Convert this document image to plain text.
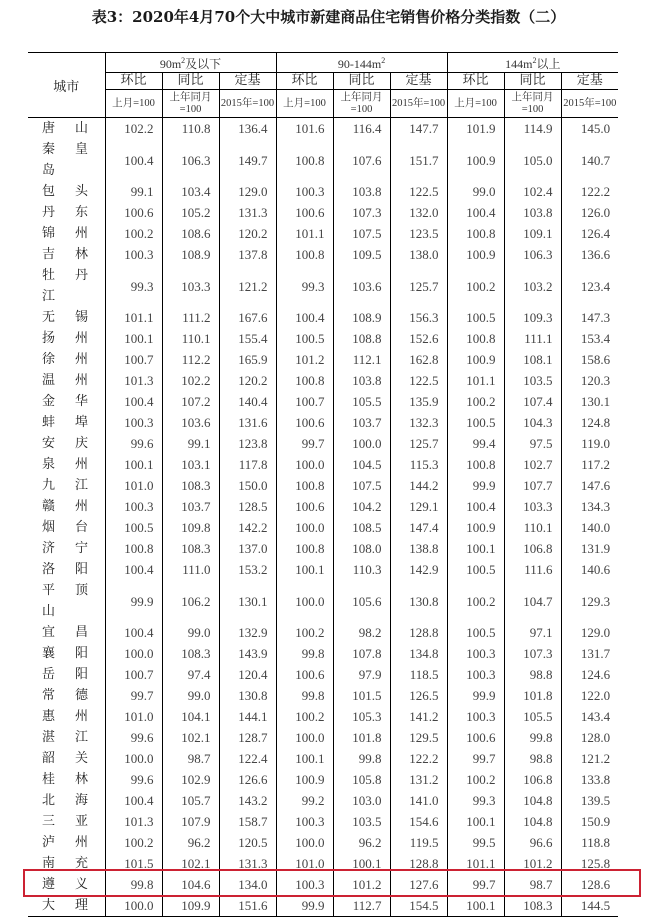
表3：2020年4月70个大中城市新建商品住宅销售价格分类指数（二）
城市	$90m^2$及以下			$90-144m^2$			$144m^2$以上		
	环比	同比	定基	环比	同比	定基	环比	同比	定基
	上月=100	上年同月=100	2015年=100	上月=100	上年同月=100	2015年=100	上月=100	上年同月=100	2015年=100
唐 山	102.2	110.8	136.4	101.6	116.4	147.7	101.9	114.9	145.0
秦 皇 岛	100.4	106.3	149.7	100.8	107.6	151.7	100.9	105.0	140.7
包 头	99.1	103.4	129.0	100.3	103.8	122.5	99.0	102.4	122.2
丹 东	100.6	105.2	131.3	100.6	107.3	132.0	100.4	103.8	126.0
锦 州	100.2	108.6	120.2	101.1	107.5	123.5	100.8	109.1	126.4
吉 林	100.3	108.9	137.8	100.8	109.5	138.0	100.9	106.3	136.6
牡 丹 江	99.3	103.3	121.2	99.3	103.6	125.7	100.2	103.2	123.4
无 锡	101.1	111.2	167.6	100.4	108.9	156.3	100.5	109.3	147.3
扬 州	100.1	110.1	155.4	100.5	108.8	152.6	100.8	111.1	153.4
徐 州	100.7	112.2	165.9	101.2	112.1	162.8	100.9	108.1	158.6
温 州	101.3	102.2	120.2	100.8	103.8	122.5	101.1	103.5	120.3
金 华	100.4	107.2	140.4	100.7	105.5	135.9	100.2	107.4	130.1
蚌 埠	100.3	103.6	131.6	100.6	103.7	132.3	100.5	104.3	124.8
安 庆	99.6	99.1	123.8	99.7	100.0	125.7	99.4	97.5	119.0
泉 州	100.1	103.1	117.8	100.0	104.5	115.3	100.8	102.7	117.2
九 江	101.0	108.3	150.0	100.8	107.5	144.2	99.9	107.7	147.6
赣 州	100.3	103.7	128.5	100.6	104.2	129.1	100.4	103.3	134.3
烟 台	100.5	109.8	142.2	100.0	108.5	147.4	100.9	110.1	140.0
济 宁	100.8	108.3	137.0	100.8	108.0	138.8	100.1	106.8	131.9
洛 阳	100.4	111.0	153.2	100.1	110.3	142.9	100.5	111.6	140.6
平 顶 山	99.9	106.2	130.1	100.0	105.6	130.8	100.2	104.7	129.3
宜 昌	100.4	99.0	132.9	100.2	98.2	128.8	100.5	97.1	129.0
襄 阳	100.0	108.3	143.9	99.8	107.8	134.8	100.3	107.3	131.7
岳 阳	100.7	97.4	120.4	100.6	97.9	118.5	100.3	98.8	124.6
常 德	99.7	99.0	130.8	99.8	101.5	126.5	99.9	101.8	122.0
惠 州	101.0	104.1	144.1	100.2	105.3	141.2	100.3	105.5	143.4
湛 江	99.6	102.1	128.7	100.0	101.8	129.5	100.6	99.8	128.0
韶 关	100.0	98.7	122.4	100.1	99.8	122.2	99.7	98.8	121.2
桂 林	99.6	102.9	126.6	100.9	105.8	131.2	100.2	106.8	133.8
北 海	100.4	105.7	143.2	99.2	103.0	141.0	99.3	104.8	139.5
三 亚	101.3	107.9	158.7	100.3	103.5	154.6	100.1	104.8	150.9
泸 州	100.2	96.2	120.5	100.0	96.2	119.5	99.5	96.6	118.8
南 充	101.5	102.1	131.3	101.0	100.1	128.8	101.1	101.2	125.8
遵 义	99.8	104.6	134.0	100.3	101.2	127.6	99.7	98.7	128.6
大 理	100.0	109.9	151.6	99.9	112.7	154.5	100.1	108.3	144.5
